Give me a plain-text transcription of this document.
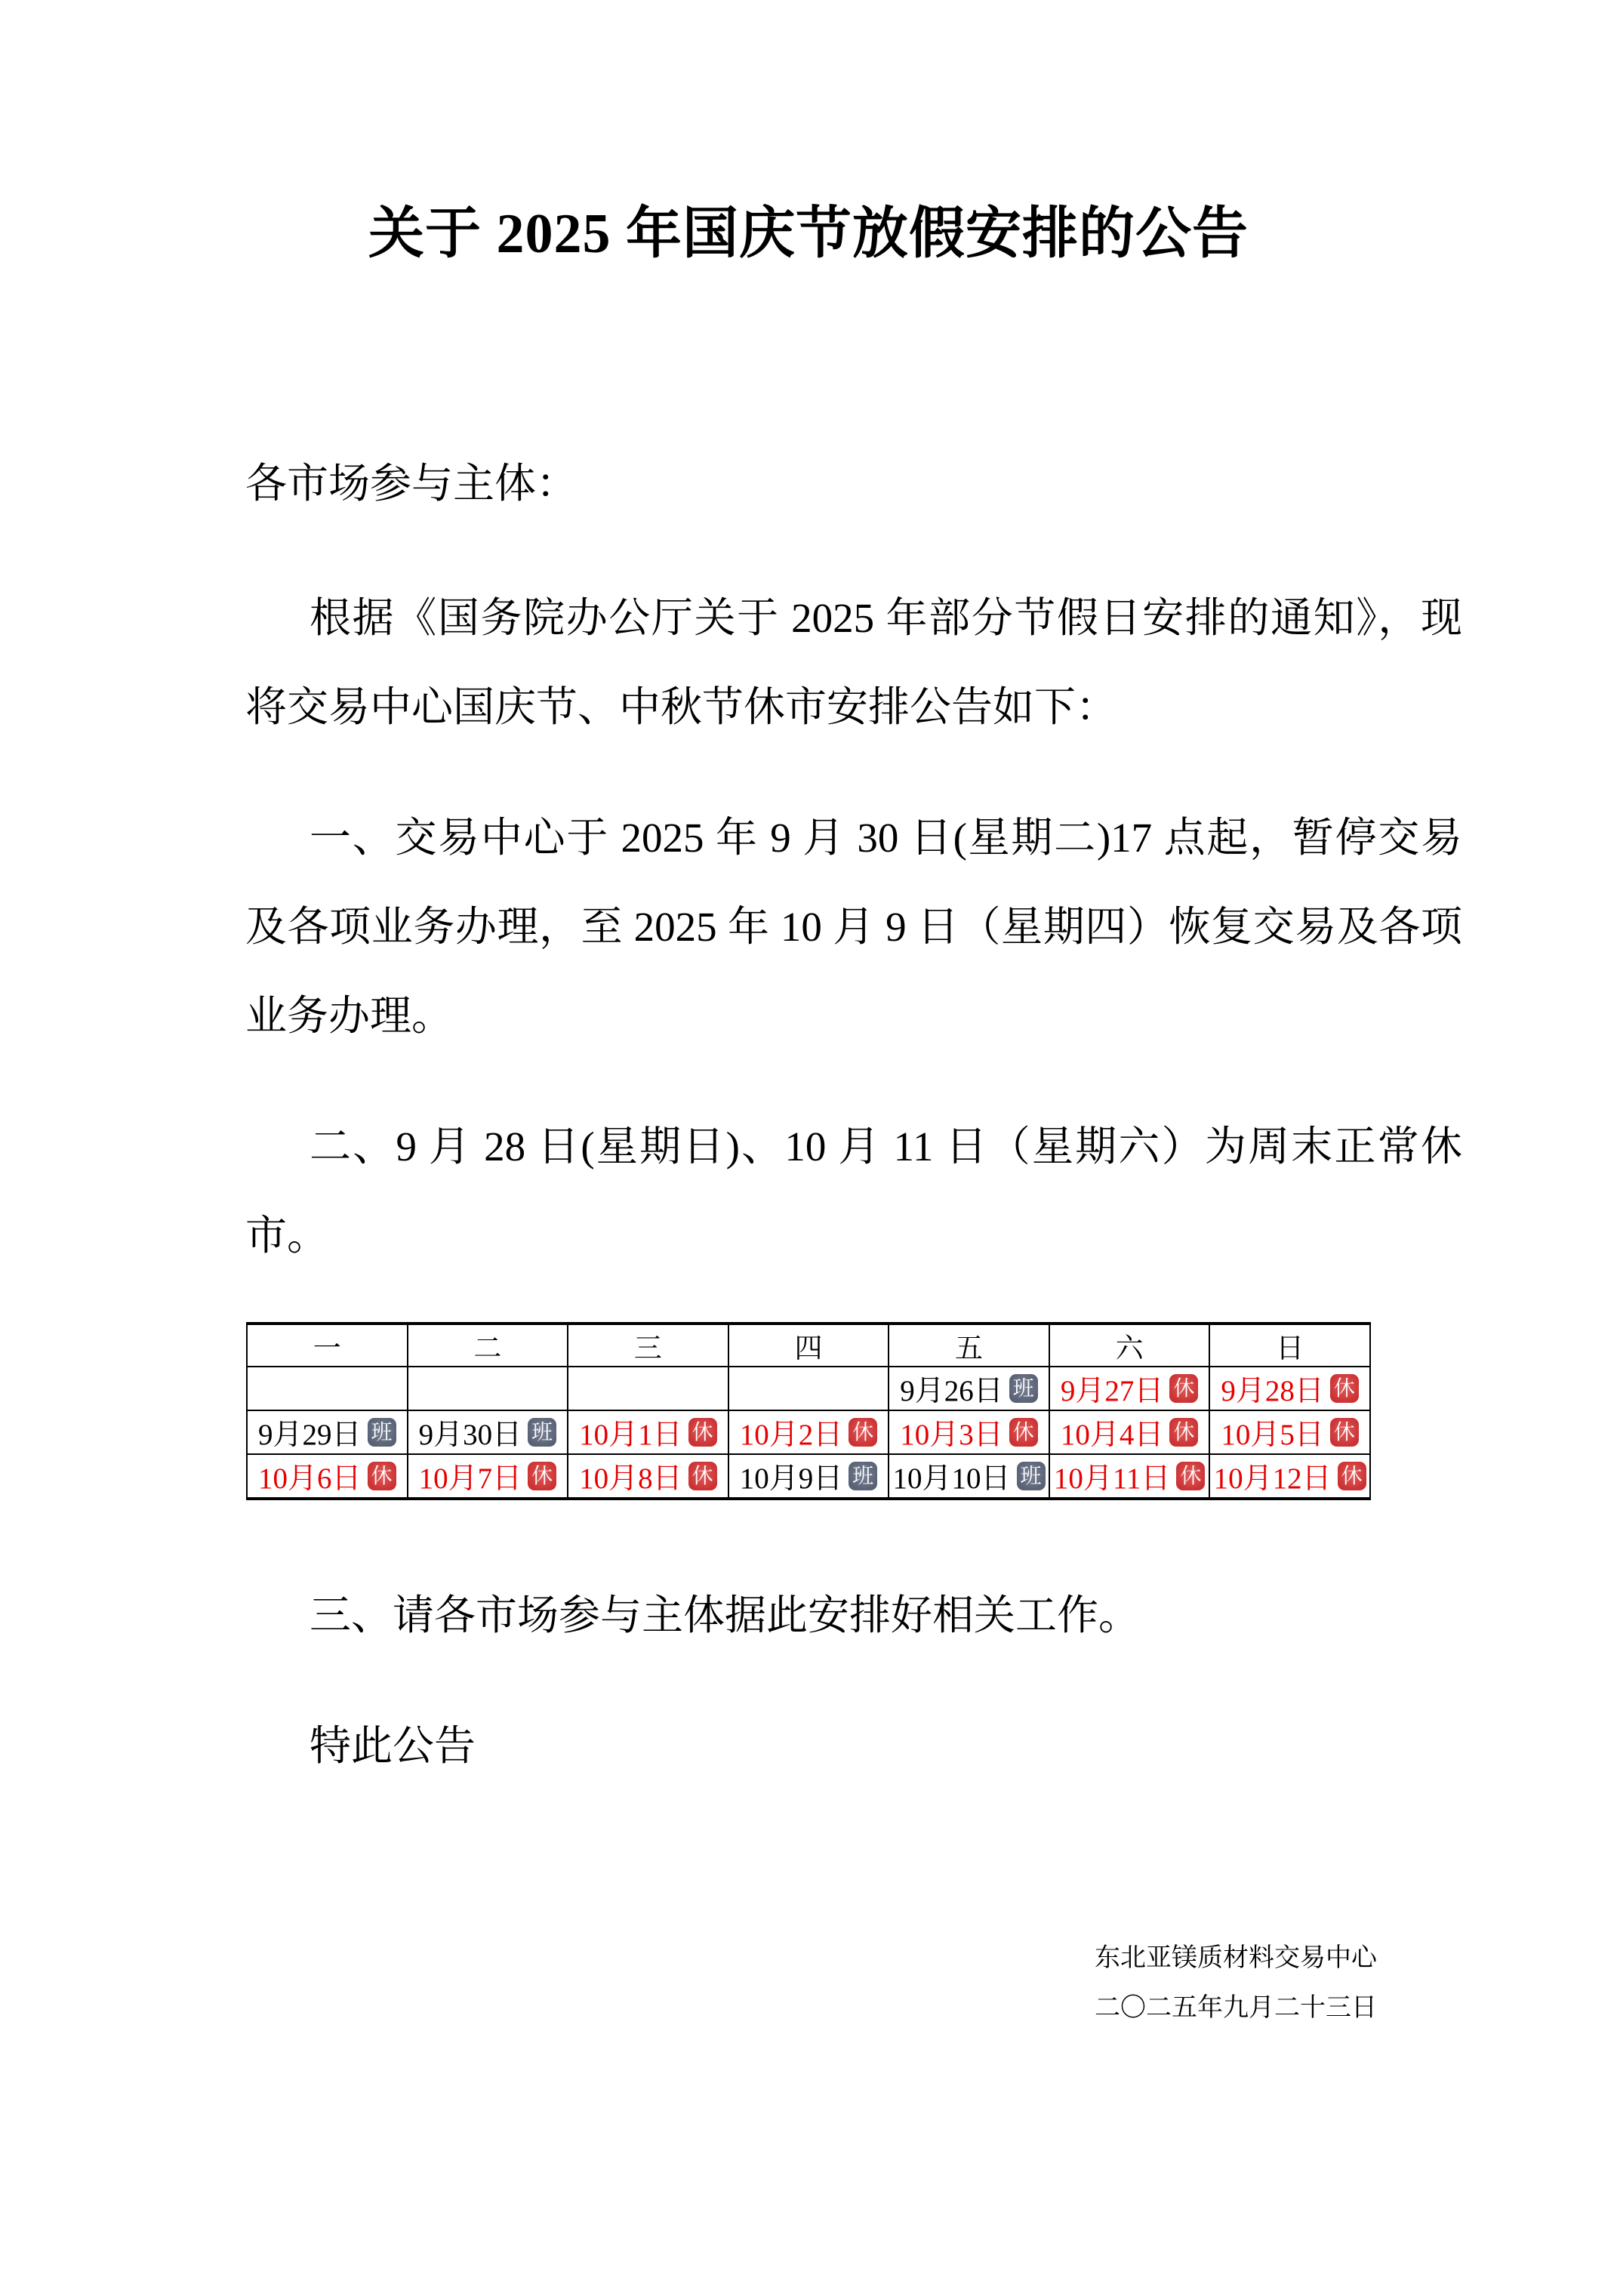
关于 2025 年国庆节放假安排的公告

各市场参与主体：

根据《国务院办公厅关于 2025 年部分节假日安排的通知》，现将交易中心国庆节、中秋节休市安排公告如下：

一、交易中心于 2025 年 9 月 30 日(星期二)17 点起，暂停交易及各项业务办理，至 2025 年 10 月 9 日（星期四）恢复交易及各项业务办理。

二、9 月 28 日(星期日)、10 月 11 日（星期六）为周末正常休市。

一	二	三	四	五	六	日
				9月26日 班	9月27日 休	9月28日 休
9月29日 班	9月30日 班	10月1日 休	10月2日 休	10月3日 休	10月4日 休	10月5日 休
10月6日 休	10月7日 休	10月8日 休	10月9日 班	10月10日 班	10月11日 休	10月12日 休

三、请各市场参与主体据此安排好相关工作。

特此公告

东北亚镁质材料交易中心
二〇二五年九月二十三日
